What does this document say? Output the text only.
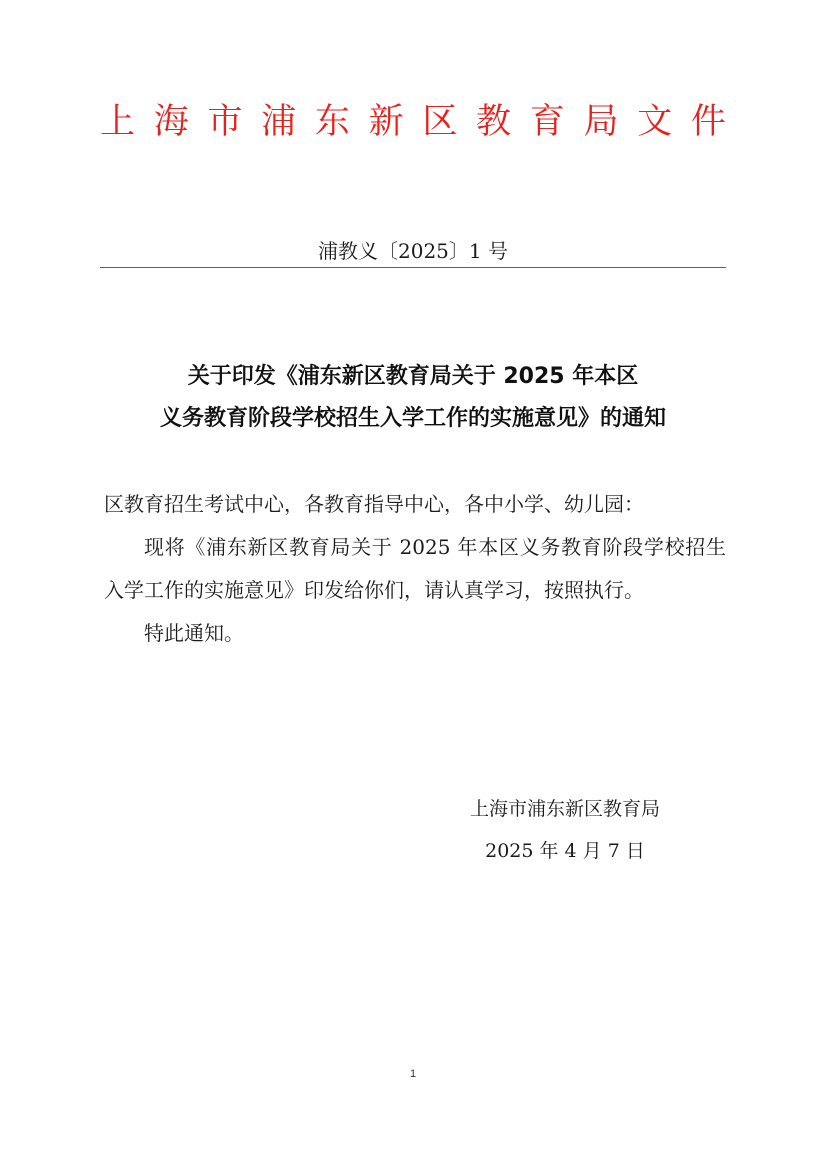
上 海 市 浦 东 新 区 教 育 局 文 件
浦教义〔2025〕1 号
关于印发《浦东新区教育局关于 2025 年本区
义务教育阶段学校招生入学工作的实施意见》的通知
区教育招生考试中心，各教育指导中心，各中小学、幼儿园：
现将《浦东新区教育局关于 2025 年本区义务教育阶段学校招生入学工作的实施意见》印发给你们，请认真学习，按照执行。
特此通知。
上海市浦东新区教育局
2025 年 4 月 7 日
1
